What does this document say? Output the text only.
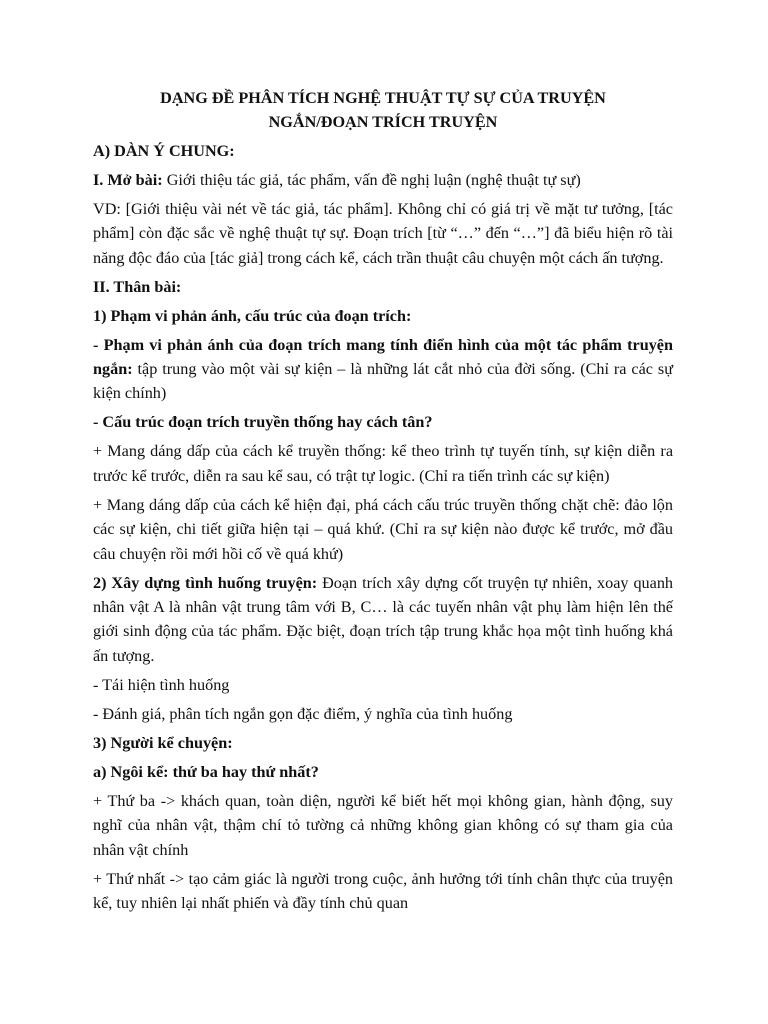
DẠNG ĐỀ PHÂN TÍCH NGHỆ THUẬT TỰ SỰ CỦA TRUYỆN
NGẮN/ĐOẠN TRÍCH TRUYỆN

A) DÀN Ý CHUNG:

I. Mở bài: Giới thiệu tác giả, tác phẩm, vấn đề nghị luận (nghệ thuật tự sự)

VD: [Giới thiệu vài nét về tác giả, tác phẩm]. Không chỉ có giá trị về mặt tư tưởng, [tác phẩm] còn đặc sắc về nghệ thuật tự sự. Đoạn trích [từ “…” đến “…”] đã biểu hiện rõ tài năng độc đáo của [tác giả] trong cách kể, cách trần thuật câu chuyện một cách ấn tượng.

II. Thân bài:

1) Phạm vi phản ánh, cấu trúc của đoạn trích:

- Phạm vi phản ánh của đoạn trích mang tính điển hình của một tác phẩm truyện ngắn: tập trung vào một vài sự kiện – là những lát cắt nhỏ của đời sống. (Chỉ ra các sự kiện chính)

- Cấu trúc đoạn trích truyền thống hay cách tân?

+ Mang dáng dấp của cách kể truyền thống: kể theo trình tự tuyến tính, sự kiện diễn ra trước kể trước, diễn ra sau kể sau, có trật tự logic. (Chỉ ra tiến trình các sự kiện)

+ Mang dáng dấp của cách kể hiện đại, phá cách cấu trúc truyền thống chặt chẽ: đảo lộn các sự kiện, chi tiết giữa hiện tại – quá khứ. (Chỉ ra sự kiện nào được kể trước, mở đầu câu chuyện rồi mới hồi cố về quá khứ)

2) Xây dựng tình huống truyện: Đoạn trích xây dựng cốt truyện tự nhiên, xoay quanh nhân vật A là nhân vật trung tâm với B, C… là các tuyến nhân vật phụ làm hiện lên thế giới sinh động của tác phẩm. Đặc biệt, đoạn trích tập trung khắc họa một tình huống khá ấn tượng.

- Tái hiện tình huống

- Đánh giá, phân tích ngắn gọn đặc điểm, ý nghĩa của tình huống

3) Người kể chuyện:

a) Ngôi kể: thứ ba hay thứ nhất?

+ Thứ ba -> khách quan, toàn diện, người kể biết hết mọi không gian, hành động, suy nghĩ của nhân vật, thậm chí tỏ tường cả những không gian không có sự tham gia của nhân vật chính

+ Thứ nhất -> tạo cảm giác là người trong cuộc, ảnh hưởng tới tính chân thực của truyện kể, tuy nhiên lại nhất phiến và đầy tính chủ quan
